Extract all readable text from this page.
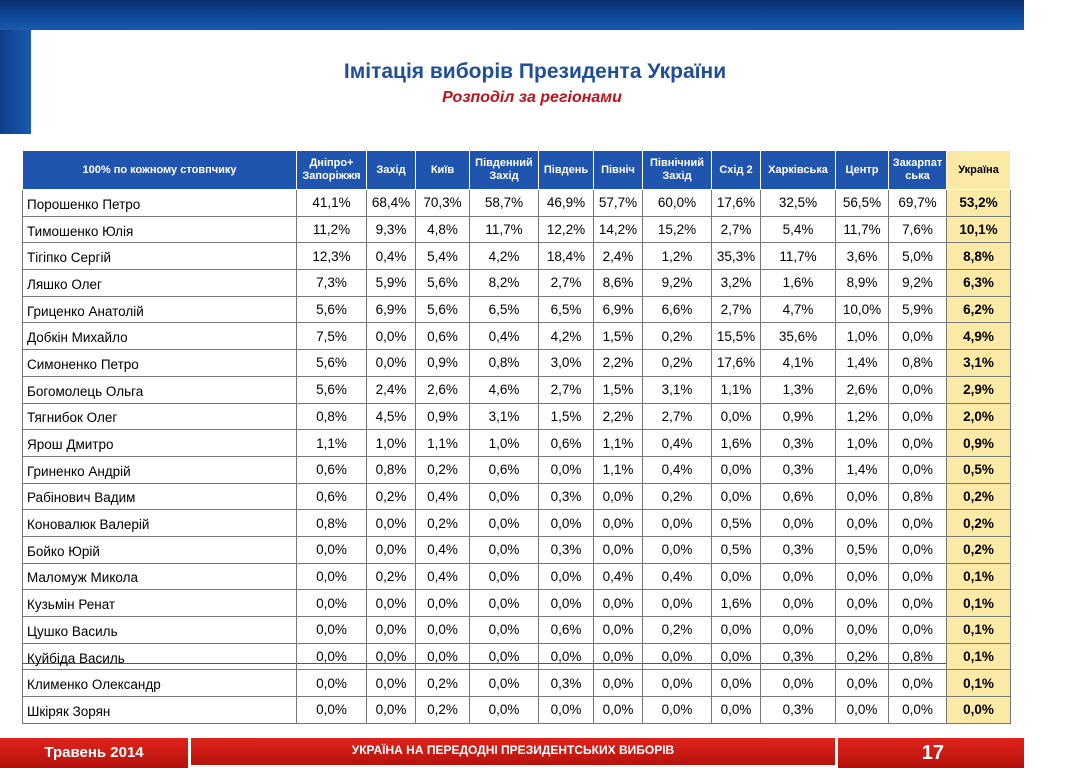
Імітація виборів Президента України
Розподіл за регіонами
100% по кожному стовпчику	Дніпро+ Запоріжжя	Захід	Київ	Південний Захід	Південь	Північ	Північний Захід	Схід 2	Харківська	Центр	Закарпат ська	Україна
Порошенко Петро	41,1%	68,4%	70,3%	58,7%	46,9%	57,7%	60,0%	17,6%	32,5%	56,5%	69,7%	53,2%
Тимошенко Юлія	11,2%	9,3%	4,8%	11,7%	12,2%	14,2%	15,2%	2,7%	5,4%	11,7%	7,6%	10,1%
Тігіпко Сергій	12,3%	0,4%	5,4%	4,2%	18,4%	2,4%	1,2%	35,3%	11,7%	3,6%	5,0%	8,8%
Ляшко Олег	7,3%	5,9%	5,6%	8,2%	2,7%	8,6%	9,2%	3,2%	1,6%	8,9%	9,2%	6,3%
Гриценко Анатолій	5,6%	6,9%	5,6%	6,5%	6,5%	6,9%	6,6%	2,7%	4,7%	10,0%	5,9%	6,2%
Добкін Михайло	7,5%	0,0%	0,6%	0,4%	4,2%	1,5%	0,2%	15,5%	35,6%	1,0%	0,0%	4,9%
Симоненко Петро	5,6%	0,0%	0,9%	0,8%	3,0%	2,2%	0,2%	17,6%	4,1%	1,4%	0,8%	3,1%
Богомолець Ольга	5,6%	2,4%	2,6%	4,6%	2,7%	1,5%	3,1%	1,1%	1,3%	2,6%	0,0%	2,9%
Тягнибок Олег	0,8%	4,5%	0,9%	3,1%	1,5%	2,2%	2,7%	0,0%	0,9%	1,2%	0,0%	2,0%
Ярош Дмитро	1,1%	1,0%	1,1%	1,0%	0,6%	1,1%	0,4%	1,6%	0,3%	1,0%	0,0%	0,9%
Гриненко Андрій	0,6%	0,8%	0,2%	0,6%	0,0%	1,1%	0,4%	0,0%	0,3%	1,4%	0,0%	0,5%
Рабінович Вадим	0,6%	0,2%	0,4%	0,0%	0,3%	0,0%	0,2%	0,0%	0,6%	0,0%	0,8%	0,2%
Коновалюк Валерій	0,8%	0,0%	0,2%	0,0%	0,0%	0,0%	0,0%	0,5%	0,0%	0,0%	0,0%	0,2%
Бойко Юрій	0,0%	0,0%	0,4%	0,0%	0,3%	0,0%	0,0%	0,5%	0,3%	0,5%	0,0%	0,2%
Маломуж Микола	0,0%	0,2%	0,4%	0,0%	0,0%	0,4%	0,4%	0,0%	0,0%	0,0%	0,0%	0,1%
Кузьмін Ренат	0,0%	0,0%	0,0%	0,0%	0,0%	0,0%	0,0%	1,6%	0,0%	0,0%	0,0%	0,1%
Цушко Василь	0,0%	0,0%	0,0%	0,0%	0,6%	0,0%	0,2%	0,0%	0,0%	0,0%	0,0%	0,1%
Куйбіда Василь	0,0%	0,0%	0,0%	0,0%	0,0%	0,0%	0,0%	0,0%	0,3%	0,2%	0,8%	0,1%
Клименко Олександр	0,0%	0,0%	0,2%	0,0%	0,3%	0,0%	0,0%	0,0%	0,0%	0,0%	0,0%	0,1%
Шкіряк Зорян	0,0%	0,0%	0,2%	0,0%	0,0%	0,0%	0,0%	0,0%	0,3%	0,0%	0,0%	0,0%
Травень 2014	УКРАЇНА НА ПЕРЕДОДНІ ПРЕЗИДЕНТСЬКИХ ВИБОРІВ	17
